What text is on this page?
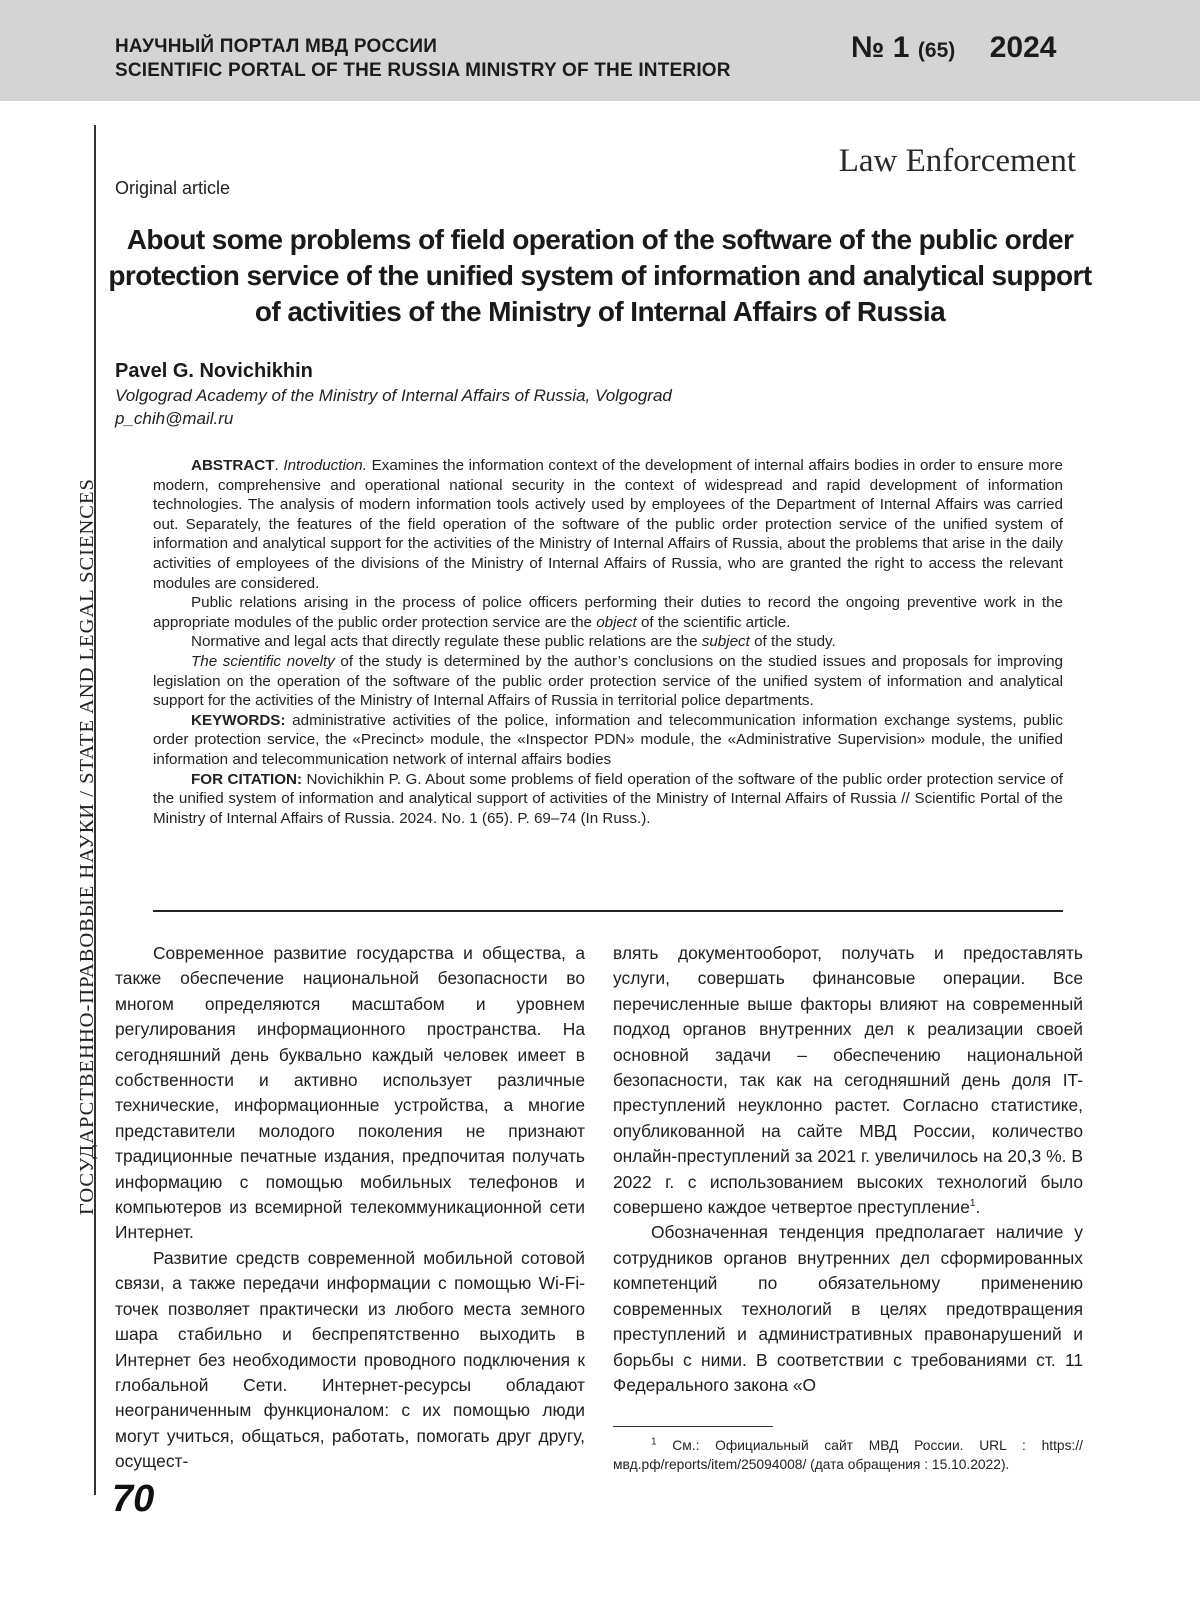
НАУЧНЫЙ ПОРТАЛ МВД РОССИИ
SCIENTIFIC PORTAL OF THE RUSSIA MINISTRY OF THE INTERIOR
№ 1 (65) 2024
ГОСУДАРСТВЕННО-ПРАВОВЫЕ НАУКИ / STATE AND LEGAL SCIENCES
Law Enforcement
Original article
About some problems of field operation of the software of the public order protection service of the unified system of information and analytical support of activities of the Ministry of Internal Affairs of Russia
Pavel G. Novichikhin
Volgograd Academy of the Ministry of Internal Affairs of Russia, Volgograd
p_chih@mail.ru

ABSTRACT. Introduction. Examines the information context of the development of internal affairs bodies in order to ensure more modern, comprehensive and operational national security in the context of widespread and rapid development of information technologies. The analysis of modern information tools actively used by employees of the Department of Internal Affairs was carried out. Separately, the features of the field operation of the software of the public order protection service of the unified system of information and analytical support for the activities of the Ministry of Internal Affairs of Russia, about the problems that arise in the daily activities of employees of the divisions of the Ministry of Internal Affairs of Russia, who are granted the right to access the relevant modules are considered.

Public relations arising in the process of police officers performing their duties to record the ongoing preventive work in the appropriate modules of the public order protection service are the object of the scientific article.

Normative and legal acts that directly regulate these public relations are the subject of the study.

The scientific novelty of the study is determined by the author’s conclusions on the studied issues and proposals for improving legislation on the operation of the software of the public order protection service of the unified system of information and analytical support for the activities of the Ministry of Internal Affairs of Russia in territorial police departments.

KEYWORDS: administrative activities of the police, information and telecommunication information exchange systems, public order protection service, the «Precinct» module, the «Inspector PDN» module, the «Administrative Supervision» module, the unified information and telecommunication network of internal affairs bodies

FOR CITATION: Novichikhin P. G. About some problems of field operation of the software of the public order protection service of the unified system of information and analytical support of activities of the Ministry of Internal Affairs of Russia // Scientific Portal of the Ministry of Internal Affairs of Russia. 2024. No. 1 (65). P. 69–74 (In Russ.).

Современное развитие государства и общества, а также обеспечение национальной безопасности во многом определяются масштабом и уровнем регулирования информационного пространства. На сегодняшний день буквально каждый человек имеет в собственности и активно использует различные технические, информационные устройства, а многие представители молодого поколения не признают традиционные печатные издания, предпочитая получать информацию с помощью мобильных телефонов и компьютеров из всемирной телекоммуникационной сети Интернет.

Развитие средств современной мобильной сотовой связи, а также передачи информации с помощью Wi-Fi-точек позволяет практически из любого места земного шара стабильно и беспрепятственно выходить в Интернет без необходимости проводного подключения к глобальной Сети. Интернет-ресурсы обладают неограниченным функционалом: с их помощью люди могут учиться, общаться, работать, помогать друг другу, осущест-

влять документооборот, получать и предоставлять услуги, совершать финансовые операции. Все перечисленные выше факторы влияют на современный подход органов внутренних дел к реализации своей основной задачи – обеспечению национальной безопасности, так как на сегодняшний день доля IT-преступлений неуклонно растет. Согласно статистике, опубликованной на сайте МВД России, количество онлайн-преступлений за 2021 г. увеличилось на 20,3 %. В 2022 г. с использованием высоких технологий было совершено каждое четвертое преступление$^1$.

Обозначенная тенденция предполагает наличие у сотрудников органов внутренних дел сформированных компетенций по обязательному применению современных технологий в целях предотвращения преступлений и административных правонарушений и борьбы с ними. В соответствии с требованиями ст. 11 Федерального закона «О

$^1$ См.: Официальный сайт МВД России. URL : https://мвд.рф/reports/item/25094008/ (дата обращения : 15.10.2022).
70
